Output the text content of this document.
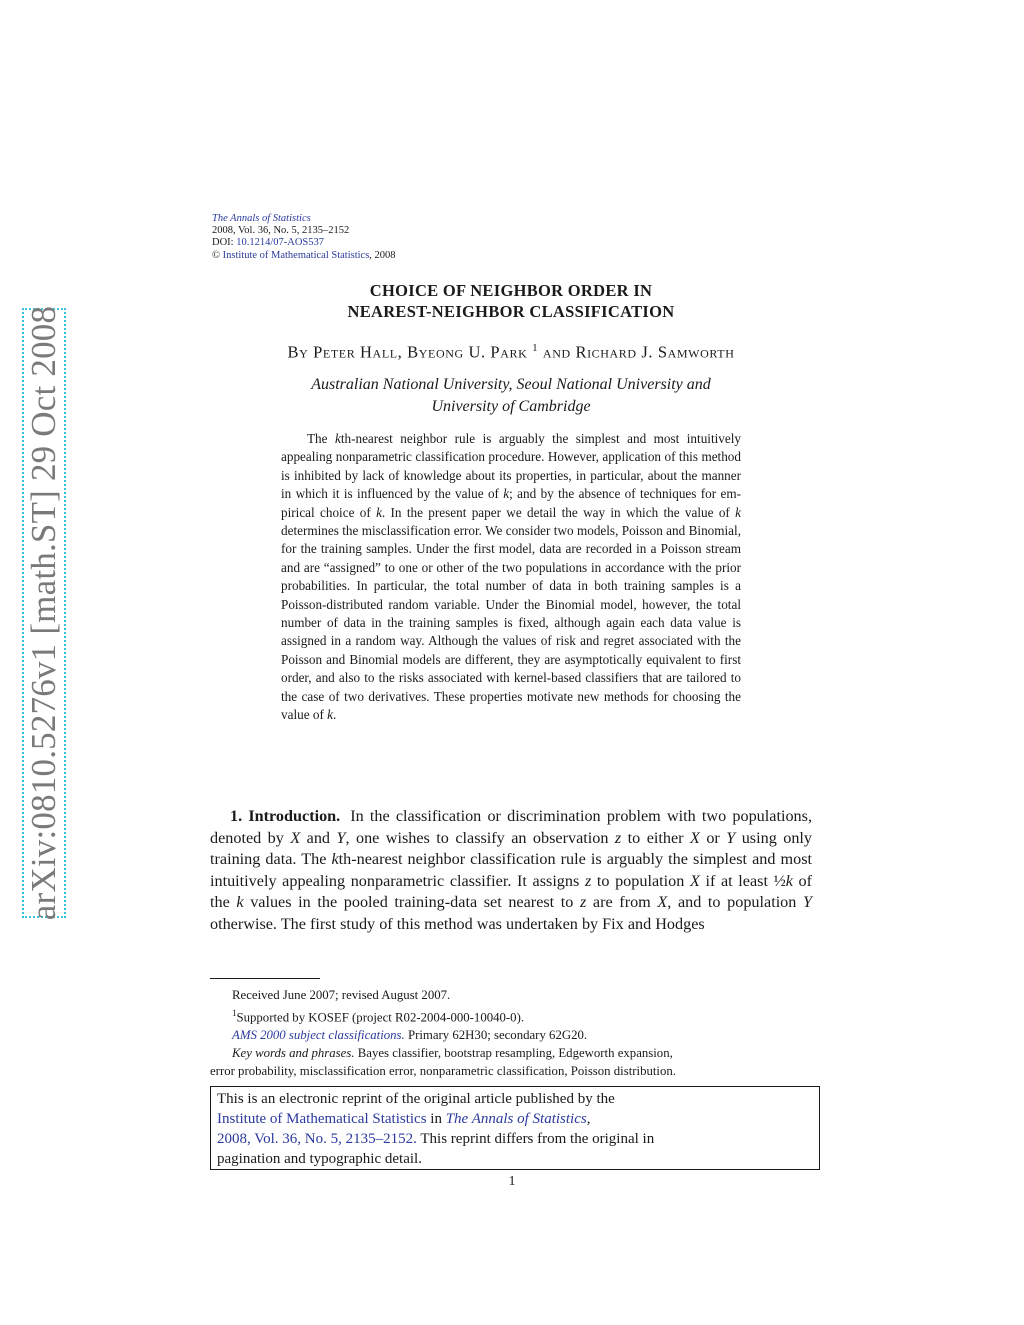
arXiv:0810.5276v1 [math.ST] 29 Oct 2008
The Annals of Statistics
2008, Vol. 36, No. 5, 2135–2152
DOI: 10.1214/07-AOS537
© Institute of Mathematical Statistics, 2008
CHOICE OF NEIGHBOR ORDER IN
NEAREST-NEIGHBOR CLASSIFICATION
By Peter Hall, Byeong U. Park $^1$ and Richard J. Samworth
Australian National University, Seoul National University and
University of Cambridge
The kth-nearest neighbor rule is arguably the simplest and most intuitively appealing nonparametric classification procedure. However, application of this method is inhibited by lack of knowledge about its properties, in particular, about the manner in which it is influenced by the value of k; and by the absence of techniques for empirical choice of k. In the present paper we detail the way in which the value of k determines the misclassification error. We consider two models, Poisson and Binomial, for the training samples. Under the first model, data are recorded in a Poisson stream and are “assigned” to one or other of the two populations in accordance with the prior probabilities. In particular, the total number of data in both training samples is a Poisson-distributed random variable. Under the Binomial model, however, the total number of data in the training samples is fixed, although again each data value is assigned in a random way. Although the values of risk and regret associated with the Poisson and Binomial models are different, they are asymptotically equivalent to first order, and also to the risks associated with kernel-based classifiers that are tailored to the case of two derivatives. These properties motivate new methods for choosing the value of k.
1. Introduction. In the classification or discrimination problem with two populations, denoted by X and Y, one wishes to classify an observation z to either X or Y using only training data. The kth-nearest neighbor classification rule is arguably the simplest and most intuitively appealing nonparametric classifier. It assigns z to population X if at least ½k of the k values in the pooled training-data set nearest to z are from X, and to population Y otherwise. The first study of this method was undertaken by Fix and Hodges
Received June 2007; revised August 2007.
$^1$Supported by KOSEF (project R02-2004-000-10040-0).
AMS 2000 subject classifications. Primary 62H30; secondary 62G20.
Key words and phrases. Bayes classifier, bootstrap resampling, Edgeworth expansion,
error probability, misclassification error, nonparametric classification, Poisson distribution.
This is an electronic reprint of the original article published by the
Institute of Mathematical Statistics in The Annals of Statistics,
2008, Vol. 36, No. 5, 2135–2152. This reprint differs from the original in
pagination and typographic detail.
1
